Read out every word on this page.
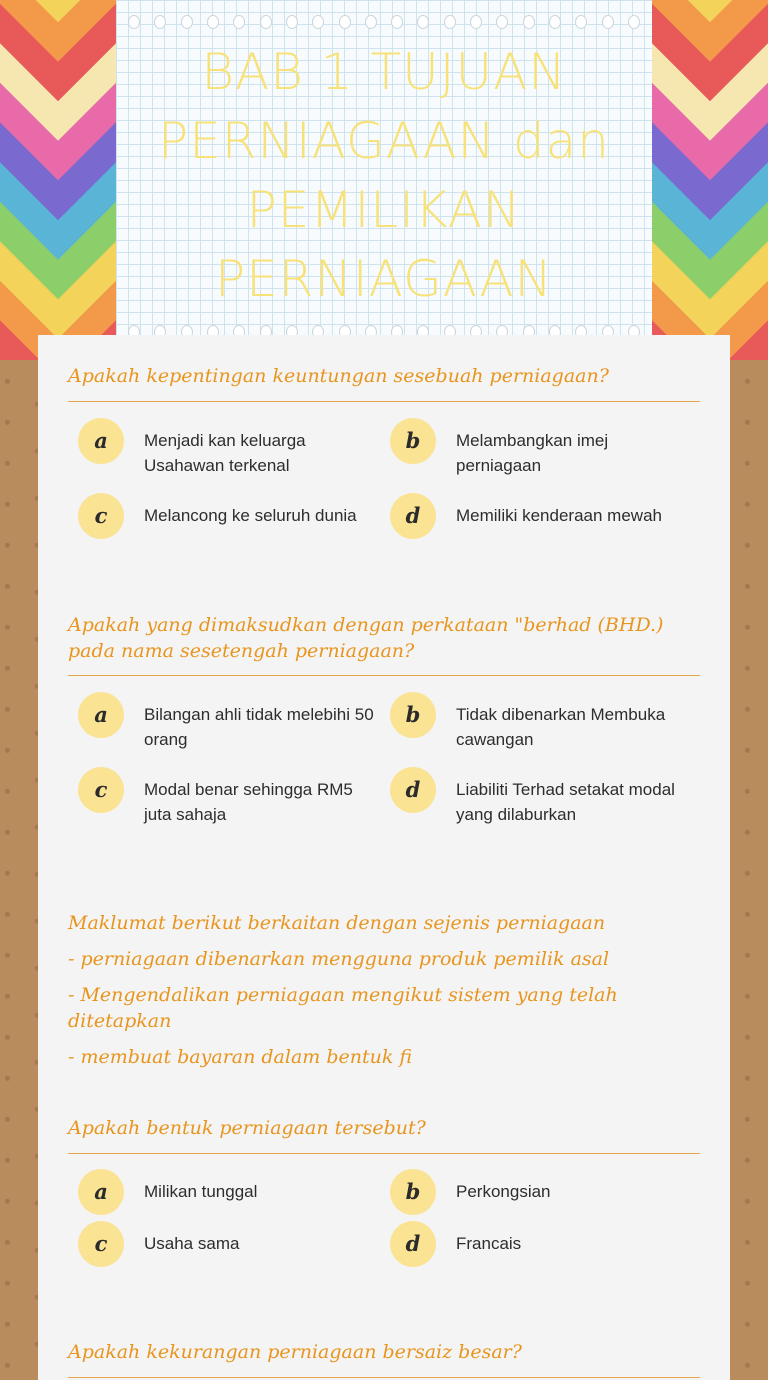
BAB 1 TUJUAN
PERNIAGAAN dan
PEMILIKAN
PERNIAGAAN
Apakah kepentingan keuntungan sesebuah perniagaan?
a	Menjadi kan keluarga Usahawan terkenal
b	Melambangkan imej perniagaan
c	Melancong ke seluruh dunia	d	Memiliki kenderaan mewah
Apakah yang dimaksudkan dengan perkataan "berhad (BHD.) pada nama sesetengah perniagaan?
a	Bilangan ahli tidak melebihi 50 orang
b	Tidak dibenarkan Membuka cawangan
c	Modal benar sehingga RM5 juta sahaja
d	Liabiliti Terhad setakat modal yang dilaburkan
Maklumat berikut berkaitan dengan sejenis perniagaan
- perniagaan dibenarkan mengguna produk pemilik asal
- Mengendalikan perniagaan mengikut sistem yang telah ditetapkan
- membuat bayaran dalam bentuk fi
Apakah bentuk perniagaan tersebut?
a	Milikan tunggal	b	Perkongsian
c	Usaha sama	d	Francais
Apakah kekurangan perniagaan bersaiz besar?
